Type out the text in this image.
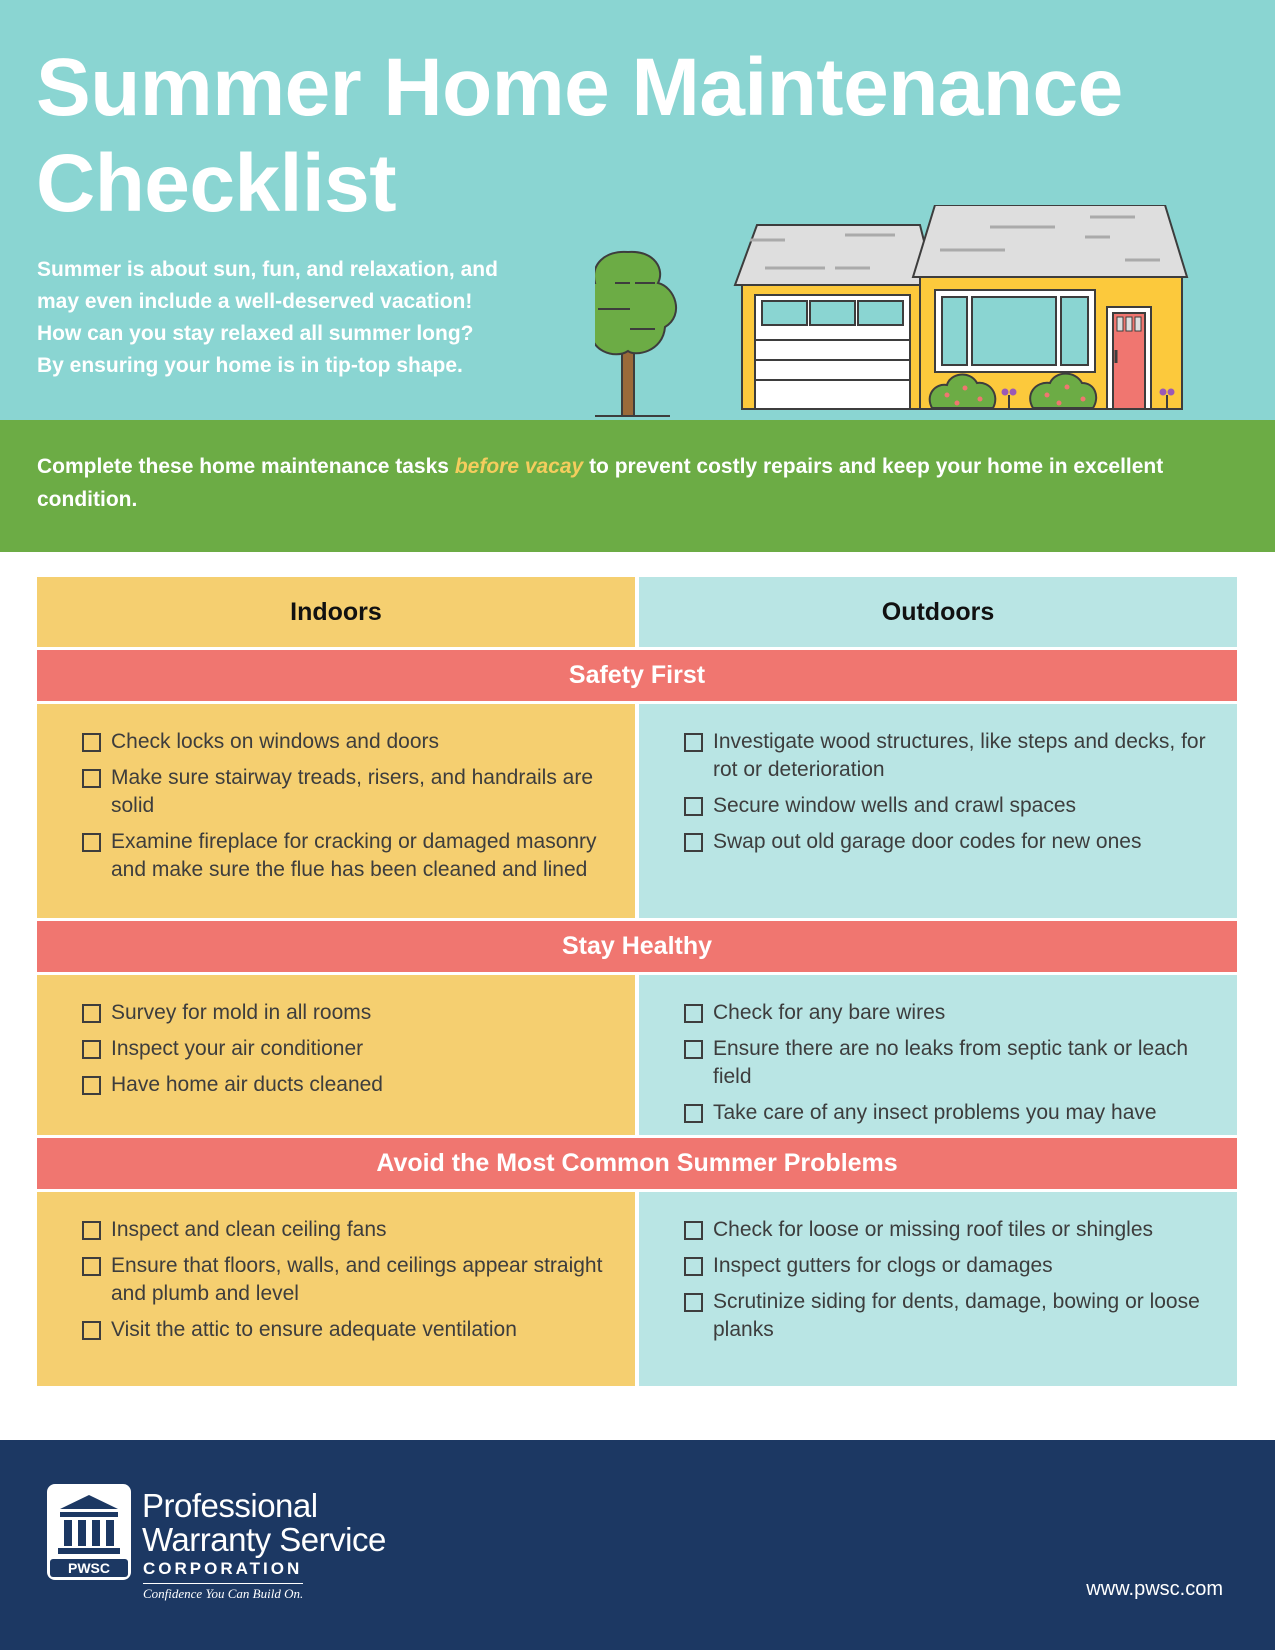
Summer Home Maintenance
Checklist

Summer is about sun, fun, and relaxation, and
may even include a well-deserved vacation!
How can you stay relaxed all summer long?
By ensuring your home is in tip-top shape.

Complete these home maintenance tasks before vacay to prevent costly repairs and keep your home in excellent condition.

Indoors	Outdoors
Safety First
Check locks on windows and doors
Make sure stairway treads, risers, and handrails are solid
Examine fireplace for cracking or damaged masonry and make sure the flue has been cleaned and lined
Investigate wood structures, like steps and decks, for rot or deterioration
Secure window wells and crawl spaces
Swap out old garage door codes for new ones
Stay Healthy
Survey for mold in all rooms
Inspect your air conditioner
Have home air ducts cleaned
Check for any bare wires
Ensure there are no leaks from septic tank or leach field
Take care of any insect problems you may have
Avoid the Most Common Summer Problems
Inspect and clean ceiling fans
Ensure that floors, walls, and ceilings appear straight and plumb and level
Visit the attic to ensure adequate ventilation
Check for loose or missing roof tiles or shingles
Inspect gutters for clogs or damages
Scrutinize siding for dents, damage, bowing or loose planks
PWSC
Professional
Warranty Service
CORPORATION
Confidence You Can Build On.	www.pwsc.com
